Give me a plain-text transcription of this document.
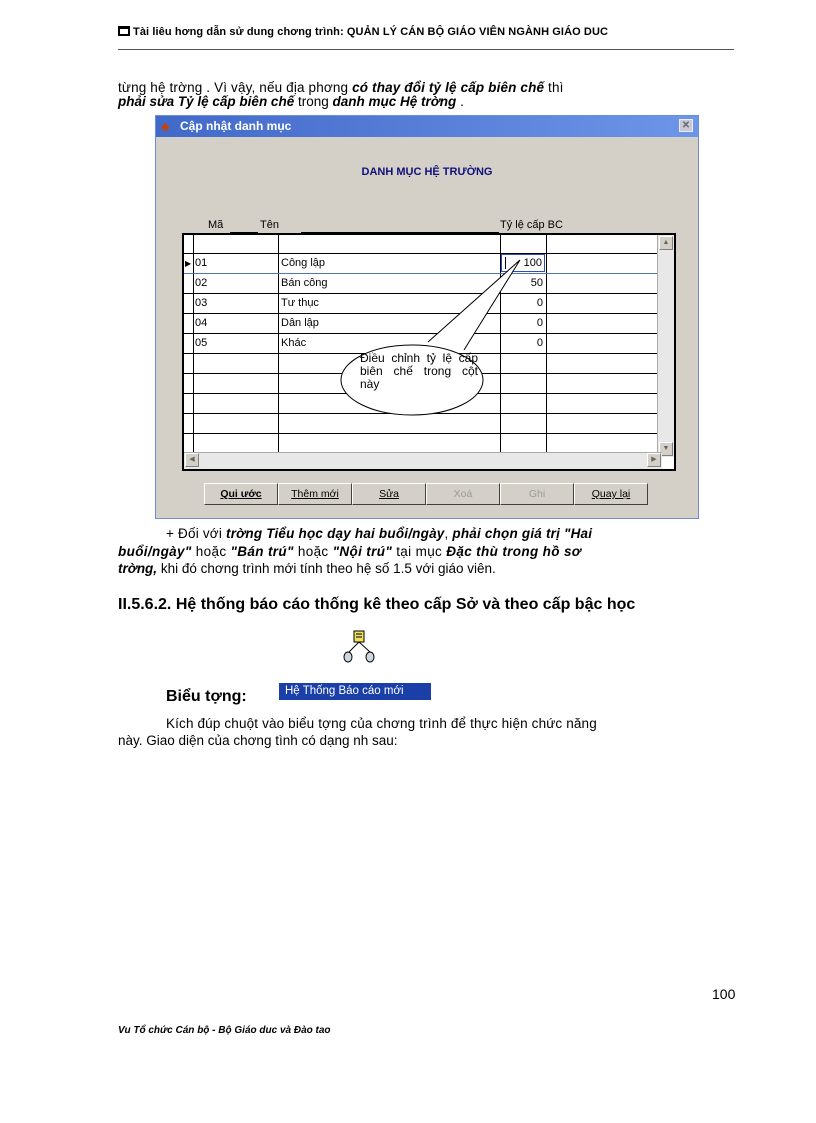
Tài liêu hơng dẫn sử dung chơng trình: QUẢN LÝ CÁN BỘ GIÁO VIÊN NGÀNH GIÁO DUC
từng hệ trờng . Vì vậy, nếu địa phơng có thay đổi tỷ lệ cấp biên chế thì
phải sửa Tỷ lệ cấp biên chế trong danh mục Hệ trờng .
♣ Cập nhật danh mục	✕
DANH MỤC HỆ TRƯỜNG
Mã	Tên	Tỷ lệ cấp BC
▶ 01	Công lập	100
02	Bán công	50
03	Tư thục	0
04	Dân lập	0
05	Khác	0
▲
▼
◀	▶
Qui ước	Thêm mới	Sửa	Xoá	Ghi	Quay lại
Điều chỉnh tỷ lệ cấp biên chế trong cột này
+ Đối với trờng Tiểu học dạy hai buổi/ngày, phải chọn giá trị "Hai
buổi/ngày" hoặc "Bán trú" hoặc "Nội trú" tại mục Đặc thù trong hồ sơ
trờng, khi đó chơng trình mới tính theo hệ số 1.5 với giáo viên.
II.5.6.2. Hệ thống báo cáo thống kê theo cấp Sở và theo cấp bậc học
Biểu tợng:	Hệ Thống Báo cáo mới
Kích đúp chuột vào biểu tợng của chơng trình để thực hiện chức năng
này. Giao diện của chơng tình có dạng nh sau:
100
Vu Tổ chức Cán bộ - Bộ Giáo duc và Đào tao
